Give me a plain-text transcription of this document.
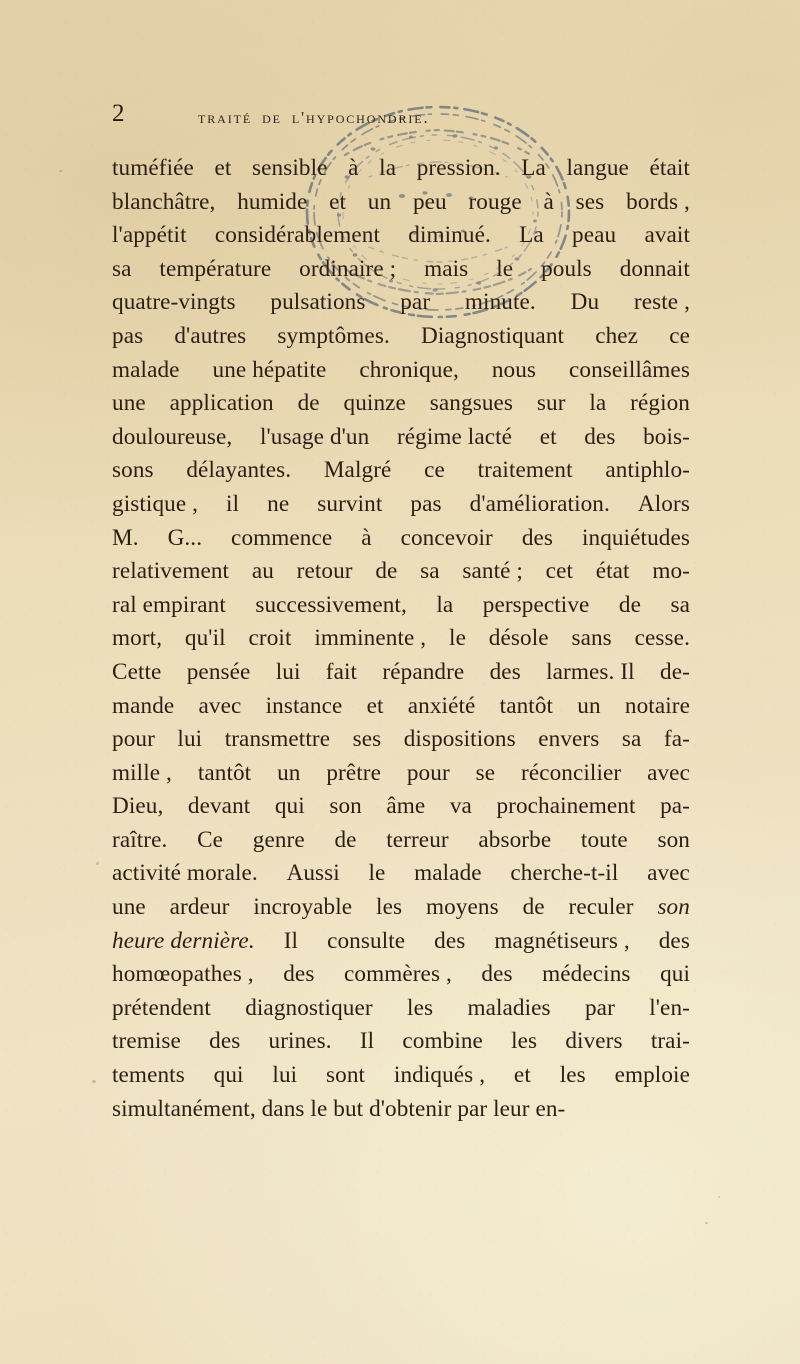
2	traité de l'hypochondrie.
tuméfiée et sensible à la pression. La langue était
blanchâtre, humide et un peu rouge à ses bords ,
l'appétit considérablement diminué. La peau avait
sa température ordinaire ; mais le pouls donnait
quatre-vingts pulsations par minute. Du reste ,
pas d'autres symptômes. Diagnostiquant chez ce
malade une hépatite chronique, nous conseillâmes
une application de quinze sangsues sur la région
douloureuse, l'usage d'un régime lacté et des bois-
sons délayantes. Malgré ce traitement antiphlo-
gistique , il ne survint pas d'amélioration. Alors
M. G... commence à concevoir des inquiétudes
relativement au retour de sa santé ; cet état mo-
ral empirant successivement, la perspective de sa
mort, qu'il croit imminente , le désole sans cesse.
Cette pensée lui fait répandre des larmes. Il de-
mande avec instance et anxiété tantôt un notaire
pour lui transmettre ses dispositions envers sa fa-
mille , tantôt un prêtre pour se réconcilier avec
Dieu, devant qui son âme va prochainement pa-
raître. Ce genre de terreur absorbe toute son
activité morale. Aussi le malade cherche-t-il avec
une ardeur incroyable les moyens de reculer son
heure dernière. Il consulte des magnétiseurs , des
homœopathes , des commères , des médecins qui
prétendent diagnostiquer les maladies par l'en-
tremise des urines. Il combine les divers trai-
tements qui lui sont indiqués , et les emploie
simultanément, dans le but d'obtenir par leur en-
